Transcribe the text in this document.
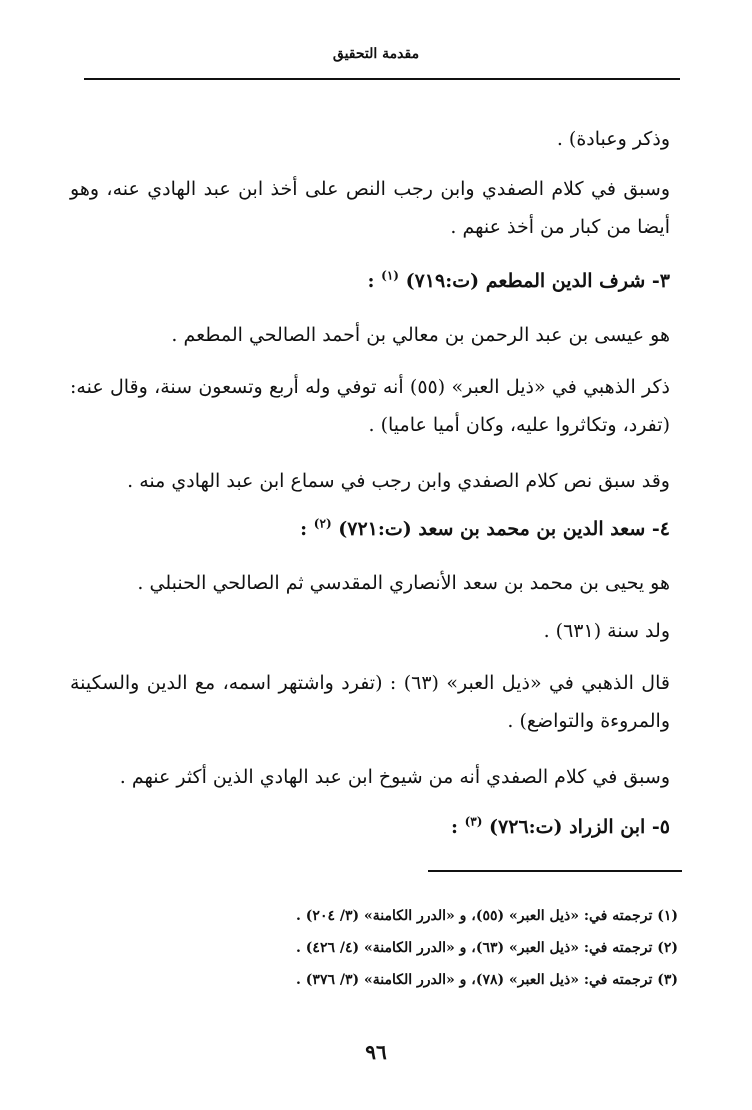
مقدمة التحقيق
وذكر وعبادة) .
وسبق في كلام الصفدي وابن رجب النص على أخذ ابن عبد الهادي عنه، وهو أيضا من كبار من أخذ عنهم .
٣- شرف الدين المطعم (ت:٧١٩) $^{(١)}$ :
هو عيسى بن عبد الرحمن بن معالي بن أحمد الصالحي المطعم .
ذكر الذهبي في «ذيل العبر» (٥٥) أنه توفي وله أربع وتسعون سنة، وقال عنه: (تفرد، وتكاثروا عليه، وكان أميا عاميا) .
وقد سبق نص كلام الصفدي وابن رجب في سماع ابن عبد الهادي منه .
٤- سعد الدين بن محمد بن سعد (ت:٧٢١) $^{(٢)}$ :
هو يحيى بن محمد بن سعد الأنصاري المقدسي ثم الصالحي الحنبلي .
ولد سنة (٦٣١) .
قال الذهبي في «ذيل العبر» (٦٣) : (تفرد واشتهر اسمه، مع الدين والسكينة والمروءة والتواضع) .
وسبق في كلام الصفدي أنه من شيوخ ابن عبد الهادي الذين أكثر عنهم .
٥- ابن الزراد (ت:٧٢٦) $^{(٣)}$ :
(١) ترجمته في: «ذيل العبر» (٥٥)، و «الدرر الكامنة» (٣/ ٢٠٤) .
(٢) ترجمته في: «ذيل العبر» (٦٣)، و «الدرر الكامنة» (٤/ ٤٢٦) .
(٣) ترجمته في: «ذيل العبر» (٧٨)، و «الدرر الكامنة» (٣/ ٣٧٦) .
٩٦
